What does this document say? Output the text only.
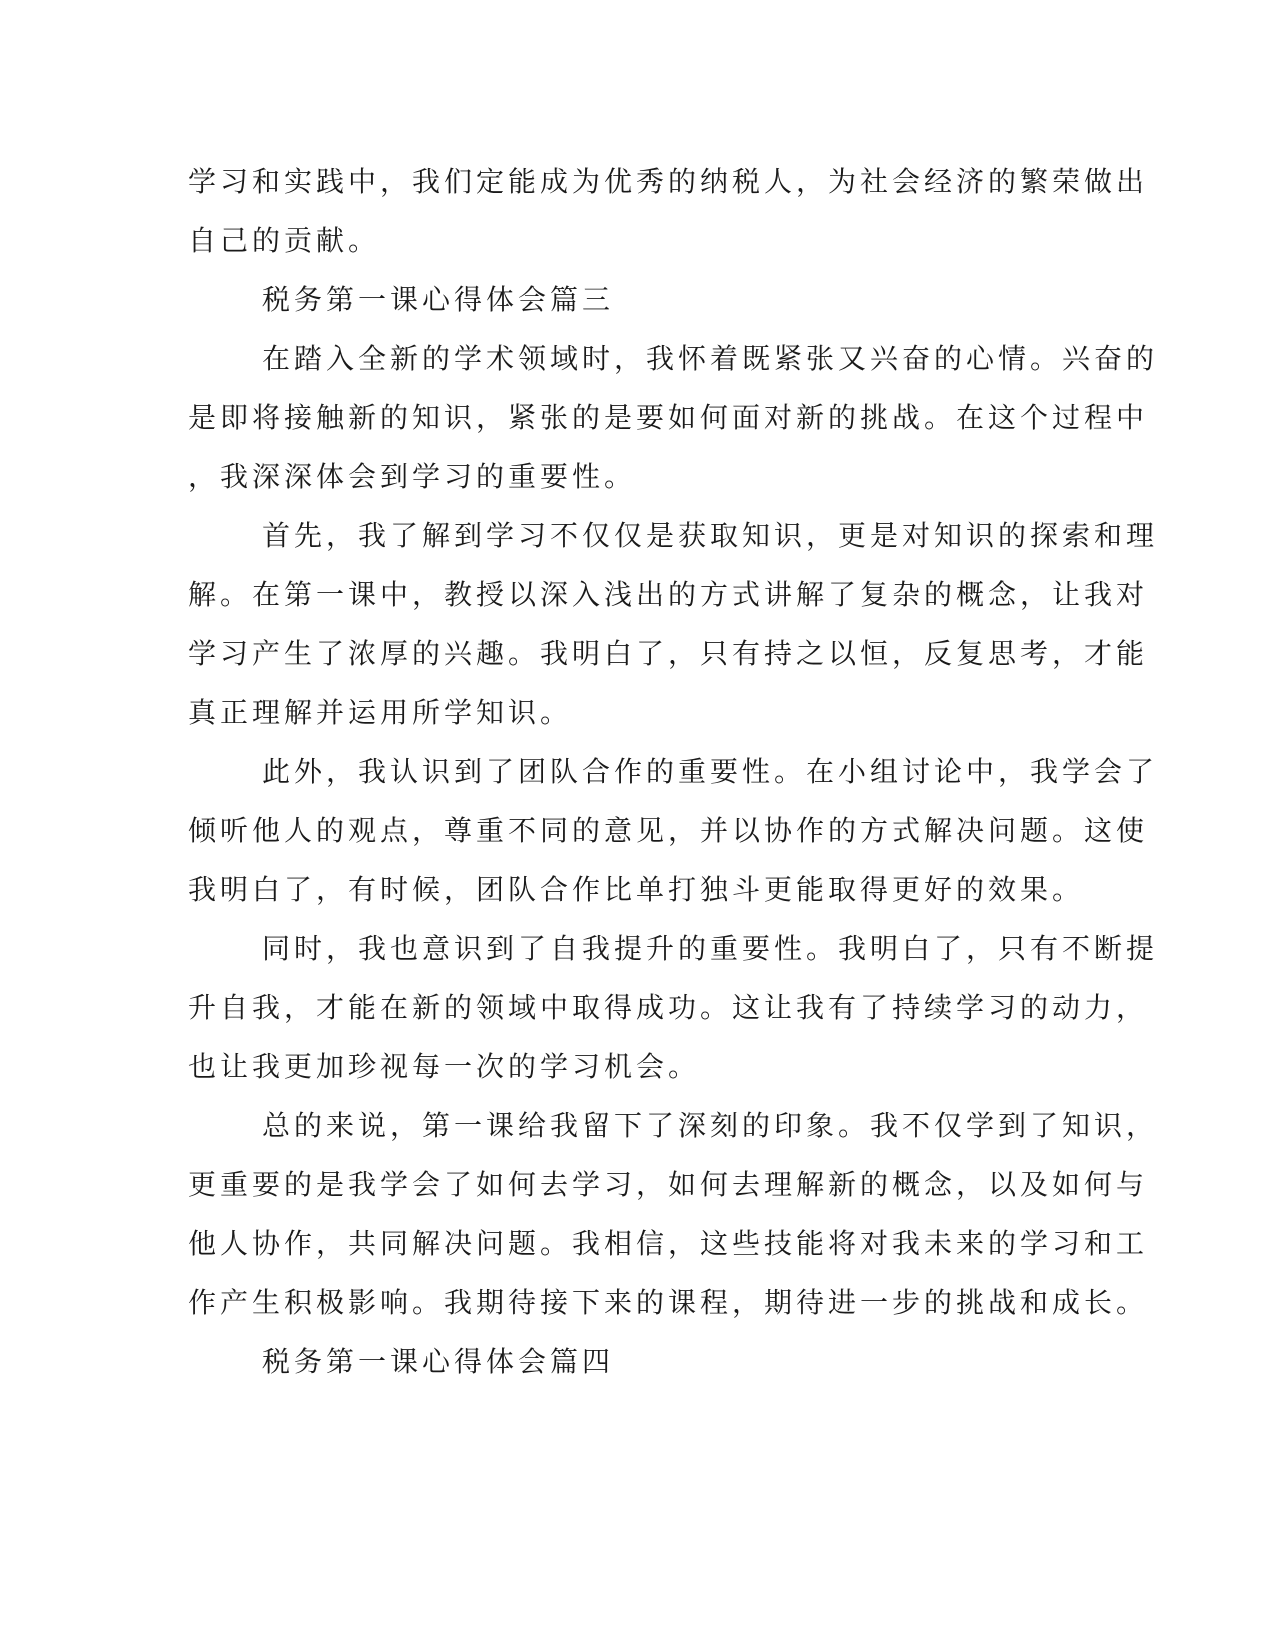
学习和实践中，我们定能成为优秀的纳税人，为社会经济的繁荣做出
自己的贡献。
税务第一课心得体会篇三
在踏入全新的学术领域时，我怀着既紧张又兴奋的心情。兴奋的
是即将接触新的知识，紧张的是要如何面对新的挑战。在这个过程中
，我深深体会到学习的重要性。
首先，我了解到学习不仅仅是获取知识，更是对知识的探索和理
解。在第一课中，教授以深入浅出的方式讲解了复杂的概念，让我对
学习产生了浓厚的兴趣。我明白了，只有持之以恒，反复思考，才能
真正理解并运用所学知识。
此外，我认识到了团队合作的重要性。在小组讨论中，我学会了
倾听他人的观点，尊重不同的意见，并以协作的方式解决问题。这使
我明白了，有时候，团队合作比单打独斗更能取得更好的效果。
同时，我也意识到了自我提升的重要性。我明白了，只有不断提
升自我，才能在新的领域中取得成功。这让我有了持续学习的动力，
也让我更加珍视每一次的学习机会。
总的来说，第一课给我留下了深刻的印象。我不仅学到了知识，
更重要的是我学会了如何去学习，如何去理解新的概念，以及如何与
他人协作，共同解决问题。我相信，这些技能将对我未来的学习和工
作产生积极影响。我期待接下来的课程，期待进一步的挑战和成长。
税务第一课心得体会篇四
